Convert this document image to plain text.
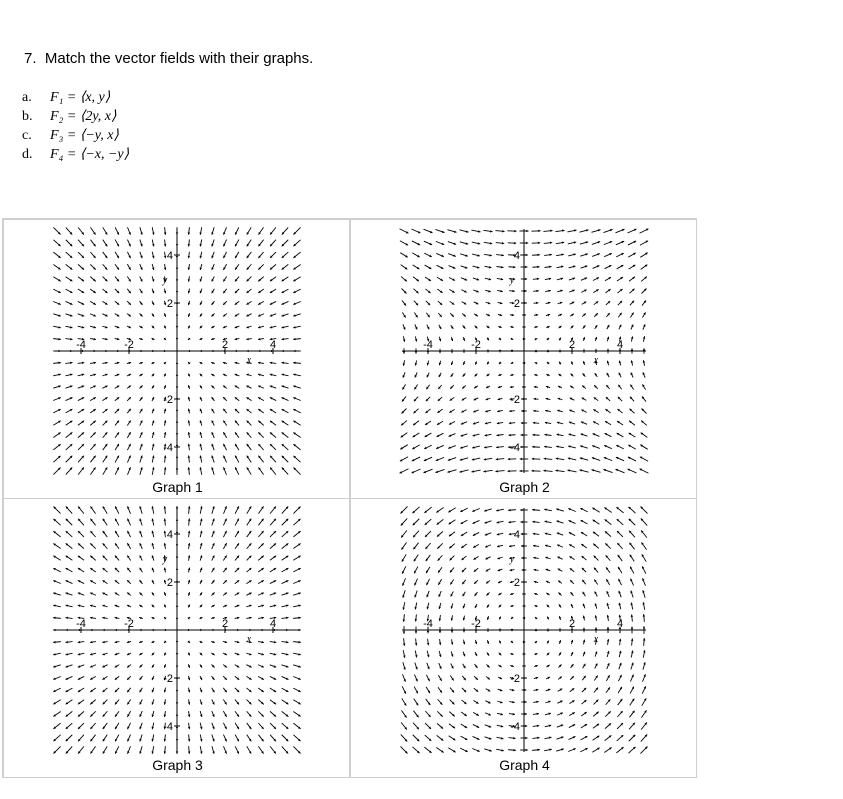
7. Match the vector fields with their graphs.
a.	F₁ = ⟨x, y⟩
b.	F₂ = ⟨2y, x⟩
c.	F₃ = ⟨−y, x⟩
d.	F₄ = ⟨−x, −y⟩
-4	-2	2	4
4
2
-2
-4
x
y
Graph 1
-4	-2	2	4
4
2
-2
-4
x
y
Graph 2
-4	-2	2	4
4
2
-2
-4
x
y
Graph 3
-4	-2	2	4
4
2
-2
-4
x
y
Graph 4
